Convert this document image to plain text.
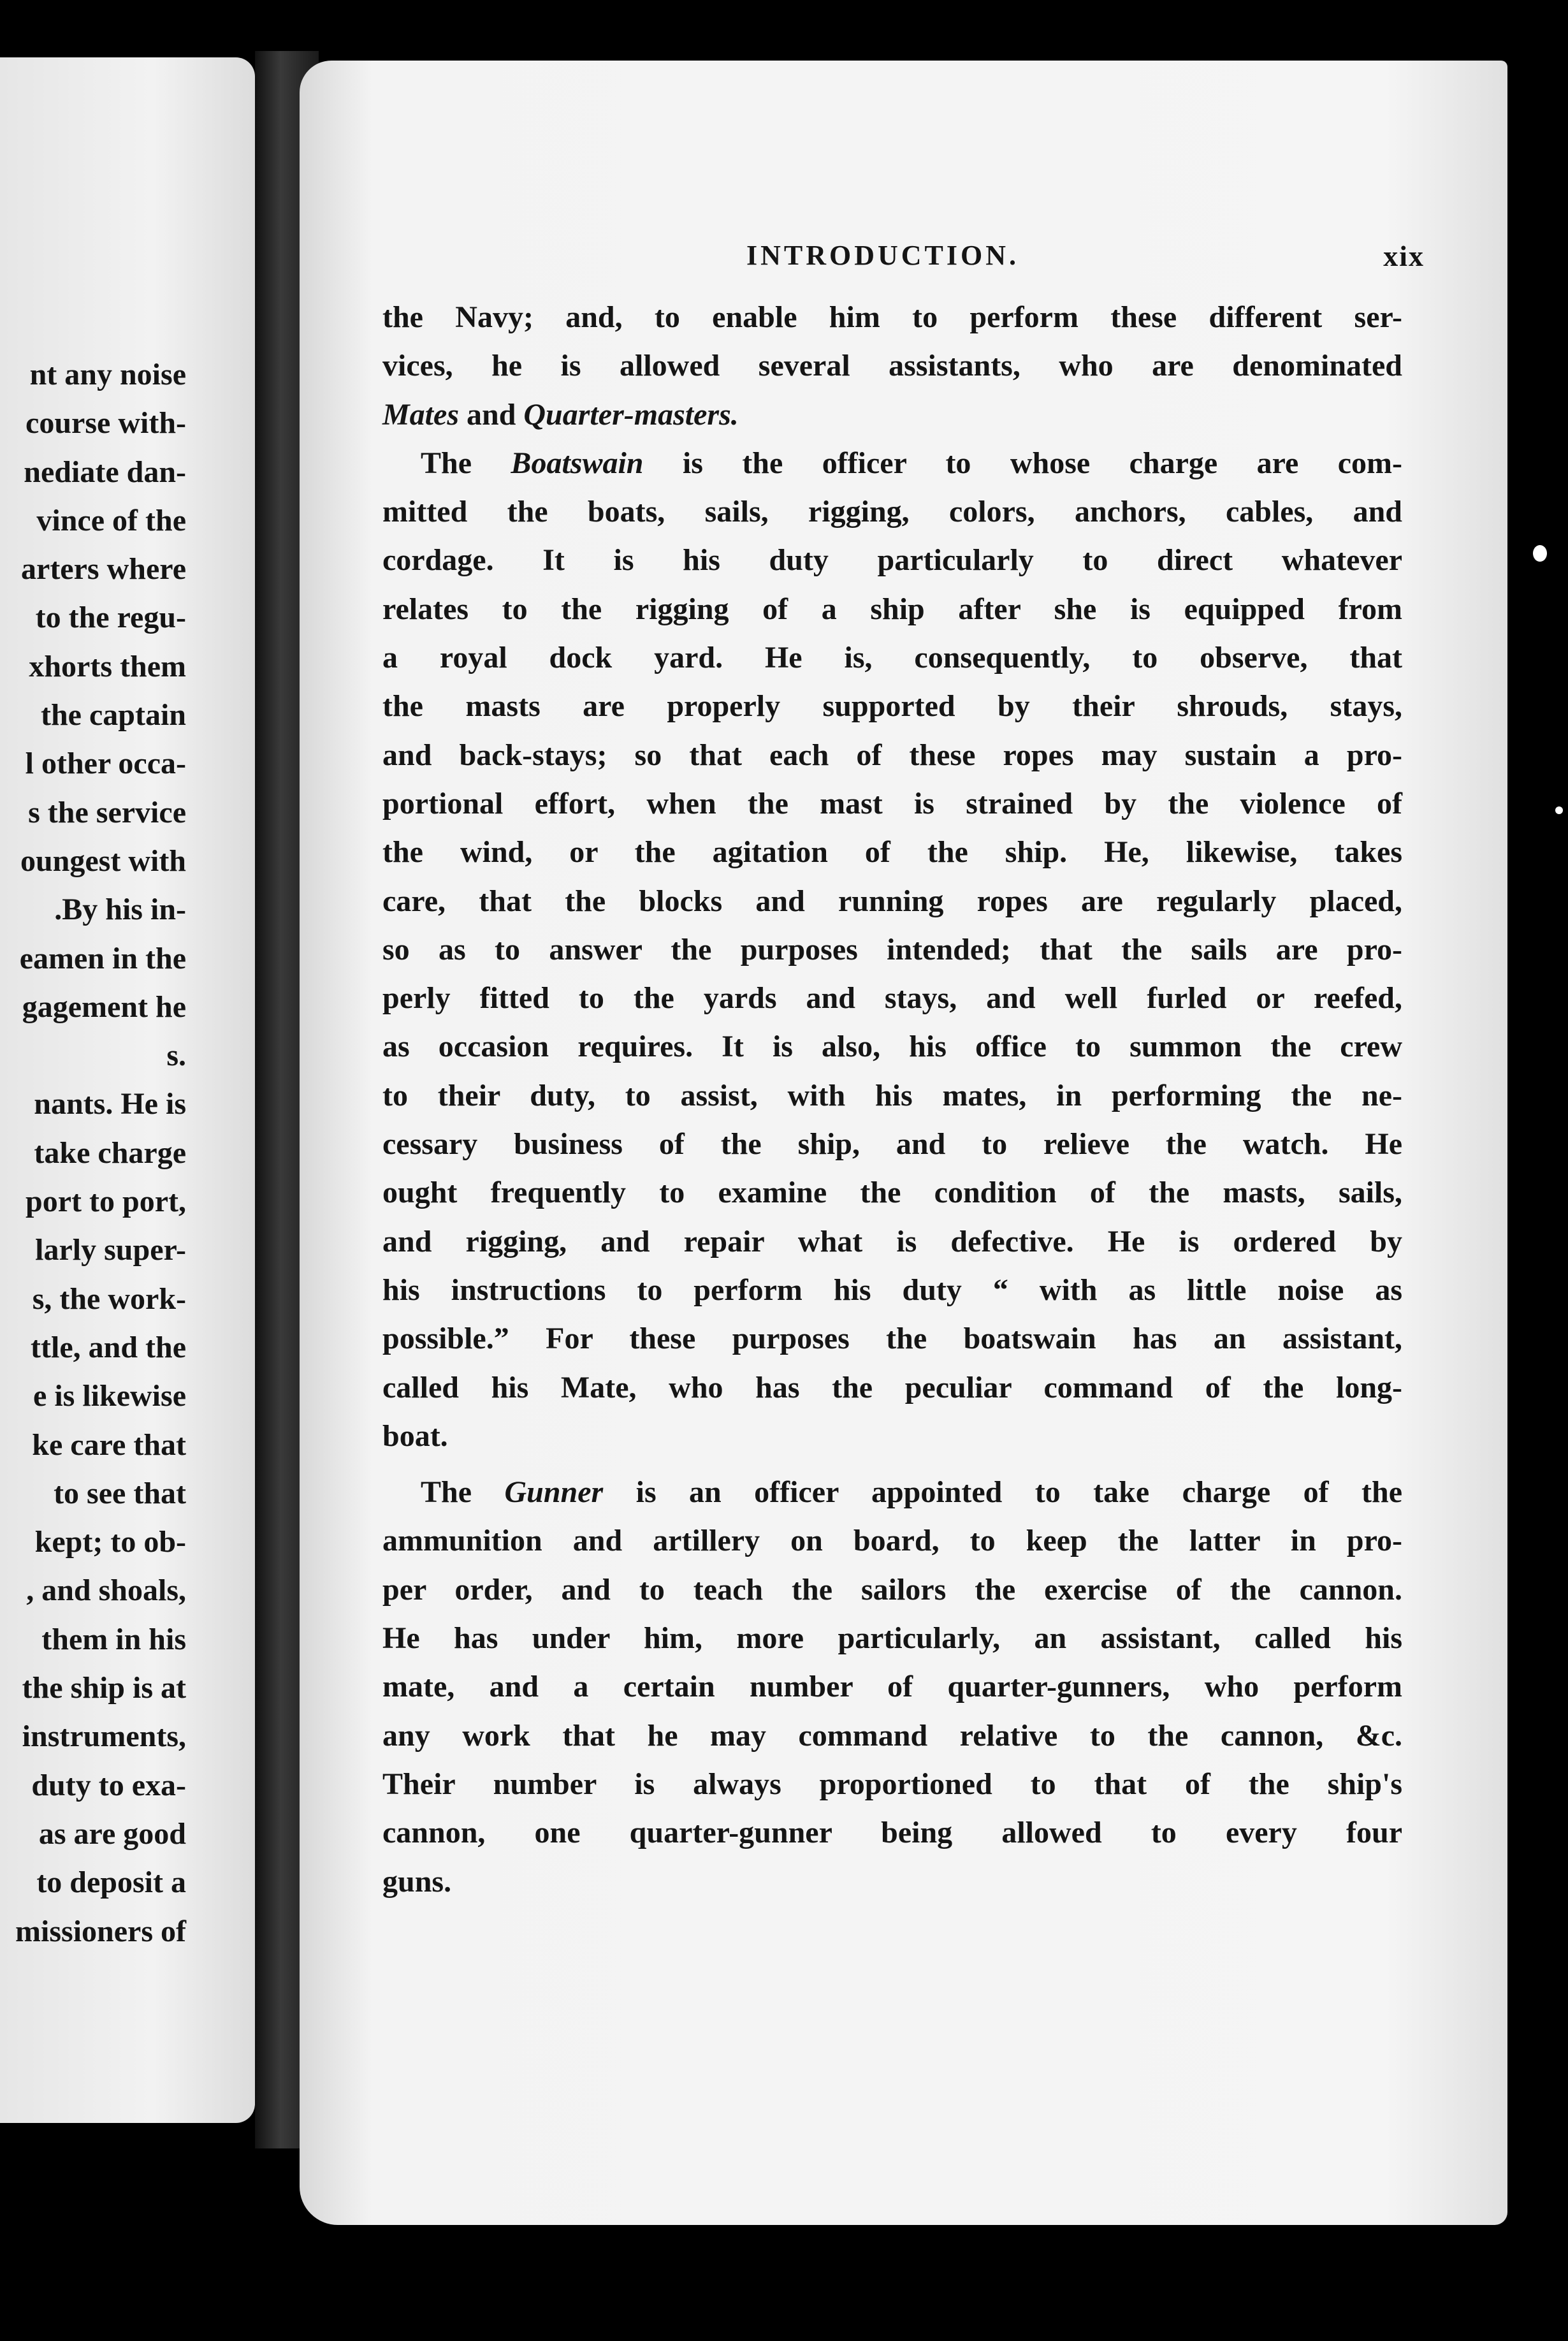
nt any noise
course with-
nediate dan-
vince of the
arters where
to the regu-
xhorts them
the captain
l other occa-
s the service
oungest with
.By his in-
eamen in the
gagement he
s.
nants. He is
take charge
port to port,
larly super-
s, the work-
ttle, and the
e is likewise
ke care that
to see that
kept; to ob-
, and shoals,
them in his
the ship is at
instruments,
duty to exa-
as are good
to deposit a
missioners of
INTRODUCTION.	xix
the Navy; and, to enable him to perform these different ser-
vices, he is allowed several assistants, who are denominated
Mates and Quarter-masters.
The Boatswain is the officer to whose charge are com-
mitted the boats, sails, rigging, colors, anchors, cables, and
cordage. It is his duty particularly to direct whatever
relates to the rigging of a ship after she is equipped from
a royal dock yard. He is, consequently, to observe, that
the masts are properly supported by their shrouds, stays,
and back-stays; so that each of these ropes may sustain a pro-
portional effort, when the mast is strained by the violence of
the wind, or the agitation of the ship. He, likewise, takes
care, that the blocks and running ropes are regularly placed,
so as to answer the purposes intended; that the sails are pro-
perly fitted to the yards and stays, and well furled or reefed,
as occasion requires. It is also, his office to summon the crew
to their duty, to assist, with his mates, in performing the ne-
cessary business of the ship, and to relieve the watch. He
ought frequently to examine the condition of the masts, sails,
and rigging, and repair what is defective. He is ordered by
his instructions to perform his duty “ with as little noise as
possible.” For these purposes the boatswain has an assistant,
called his Mate, who has the peculiar command of the long-
boat.
The Gunner is an officer appointed to take charge of the
ammunition and artillery on board, to keep the latter in pro-
per order, and to teach the sailors the exercise of the cannon.
He has under him, more particularly, an assistant, called his
mate, and a certain number of quarter-gunners, who perform
any work that he may command relative to the cannon, &c.
Their number is always proportioned to that of the ship's
cannon, one quarter-gunner being allowed to every four
guns.
